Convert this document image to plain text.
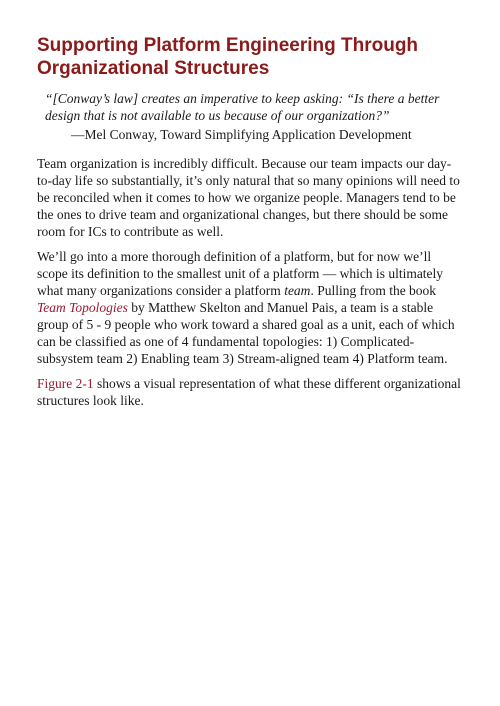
Supporting Platform Engineering Through Organizational Structures

“[Conway’s law] creates an imperative to keep asking: “Is there a better design that is not available to us because of our organization?”

—Mel Conway, Toward Simplifying Application Development

Team organization is incredibly difficult. Because our team impacts our day-to-day life so substantially, it’s only natural that so many opinions will need to be reconciled when it comes to how we organize people. Managers tend to be the ones to drive team and organizational changes, but there should be some room for ICs to contribute as well.

We’ll go into a more thorough definition of a platform, but for now we’ll scope its definition to the smallest unit of a platform — which is ultimately what many organizations consider a platform team. Pulling from the book Team Topologies by Matthew Skelton and Manuel Pais, a team is a stable group of 5 - 9 people who work toward a shared goal as a unit, each of which can be classified as one of 4 fundamental topologies: 1) Complicated-subsystem team 2) Enabling team 3) Stream-aligned team 4) Platform team.

Figure 2-1 shows a visual representation of what these different organizational structures look like.
